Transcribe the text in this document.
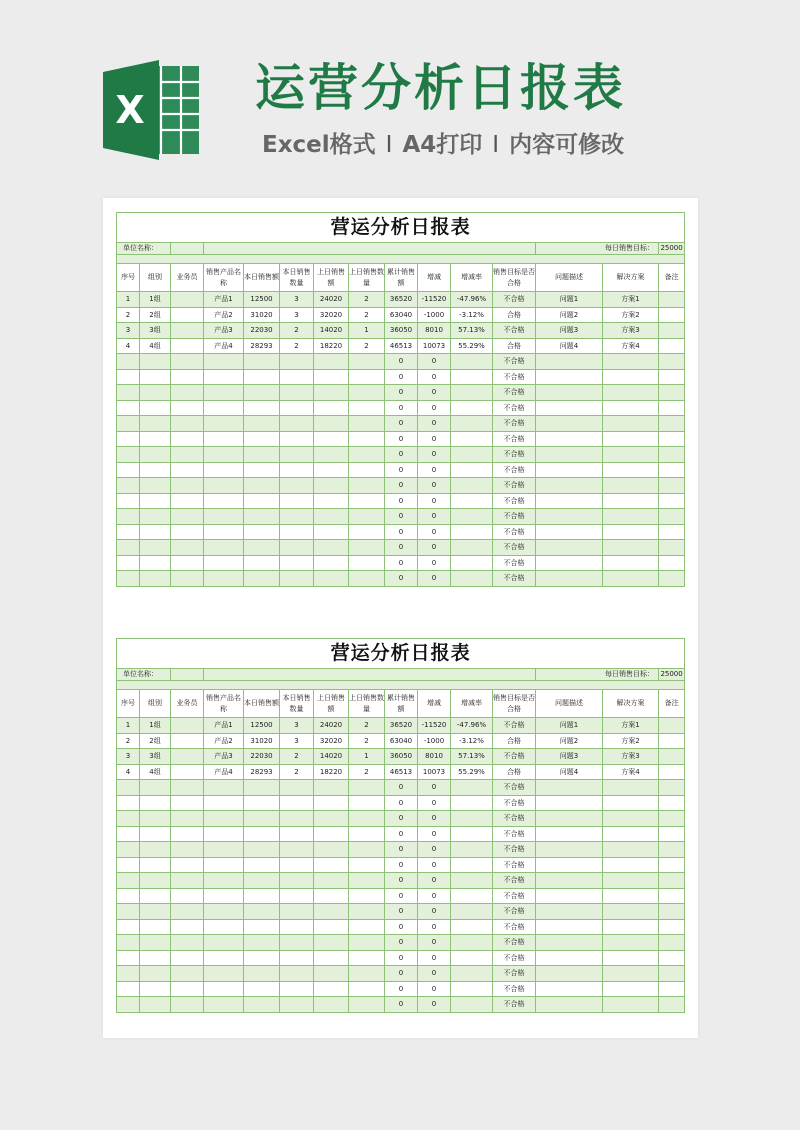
X 运营分析日报表
Excel格式 I A4打印 I 内容可修改
营运分析日报表														
单位名称：												每日销售目标：		25000

序号	组别	业务员	销售产品名称	本日销售额	本日销售数量	上日销售额	上日销售数量	累计销售额	增减	增减率	销售目标是否合格	问题描述	解决方案	备注
1	1组		产品1	12500	3	24020	2	36520	-11520	-47.96%	不合格	问题1	方案1	
2	2组		产品2	31020	3	32020	2	63040	-1000	-3.12%	合格	问题2	方案2	
3	3组		产品3	22030	2	14020	1	36050	8010	57.13%	不合格	问题3	方案3	
4	4组		产品4	28293	2	18220	2	46513	10073	55.29%	合格	问题4	方案4	
								0	0		不合格			
								0	0		不合格			
								0	0		不合格			
								0	0		不合格			
								0	0		不合格			
								0	0		不合格			
								0	0		不合格			
								0	0		不合格			
								0	0		不合格			
								0	0		不合格			
								0	0		不合格			
								0	0		不合格			
								0	0		不合格			
								0	0		不合格			
								0	0		不合格			
营运分析日报表														
单位名称：												每日销售目标：		25000

序号	组别	业务员	销售产品名称	本日销售额	本日销售数量	上日销售额	上日销售数量	累计销售额	增减	增减率	销售目标是否合格	问题描述	解决方案	备注
1	1组		产品1	12500	3	24020	2	36520	-11520	-47.96%	不合格	问题1	方案1	
2	2组		产品2	31020	3	32020	2	63040	-1000	-3.12%	合格	问题2	方案2	
3	3组		产品3	22030	2	14020	1	36050	8010	57.13%	不合格	问题3	方案3	
4	4组		产品4	28293	2	18220	2	46513	10073	55.29%	合格	问题4	方案4	
								0	0		不合格			
								0	0		不合格			
								0	0		不合格			
								0	0		不合格			
								0	0		不合格			
								0	0		不合格			
								0	0		不合格			
								0	0		不合格			
								0	0		不合格			
								0	0		不合格			
								0	0		不合格			
								0	0		不合格			
								0	0		不合格			
								0	0		不合格			
								0	0		不合格			
